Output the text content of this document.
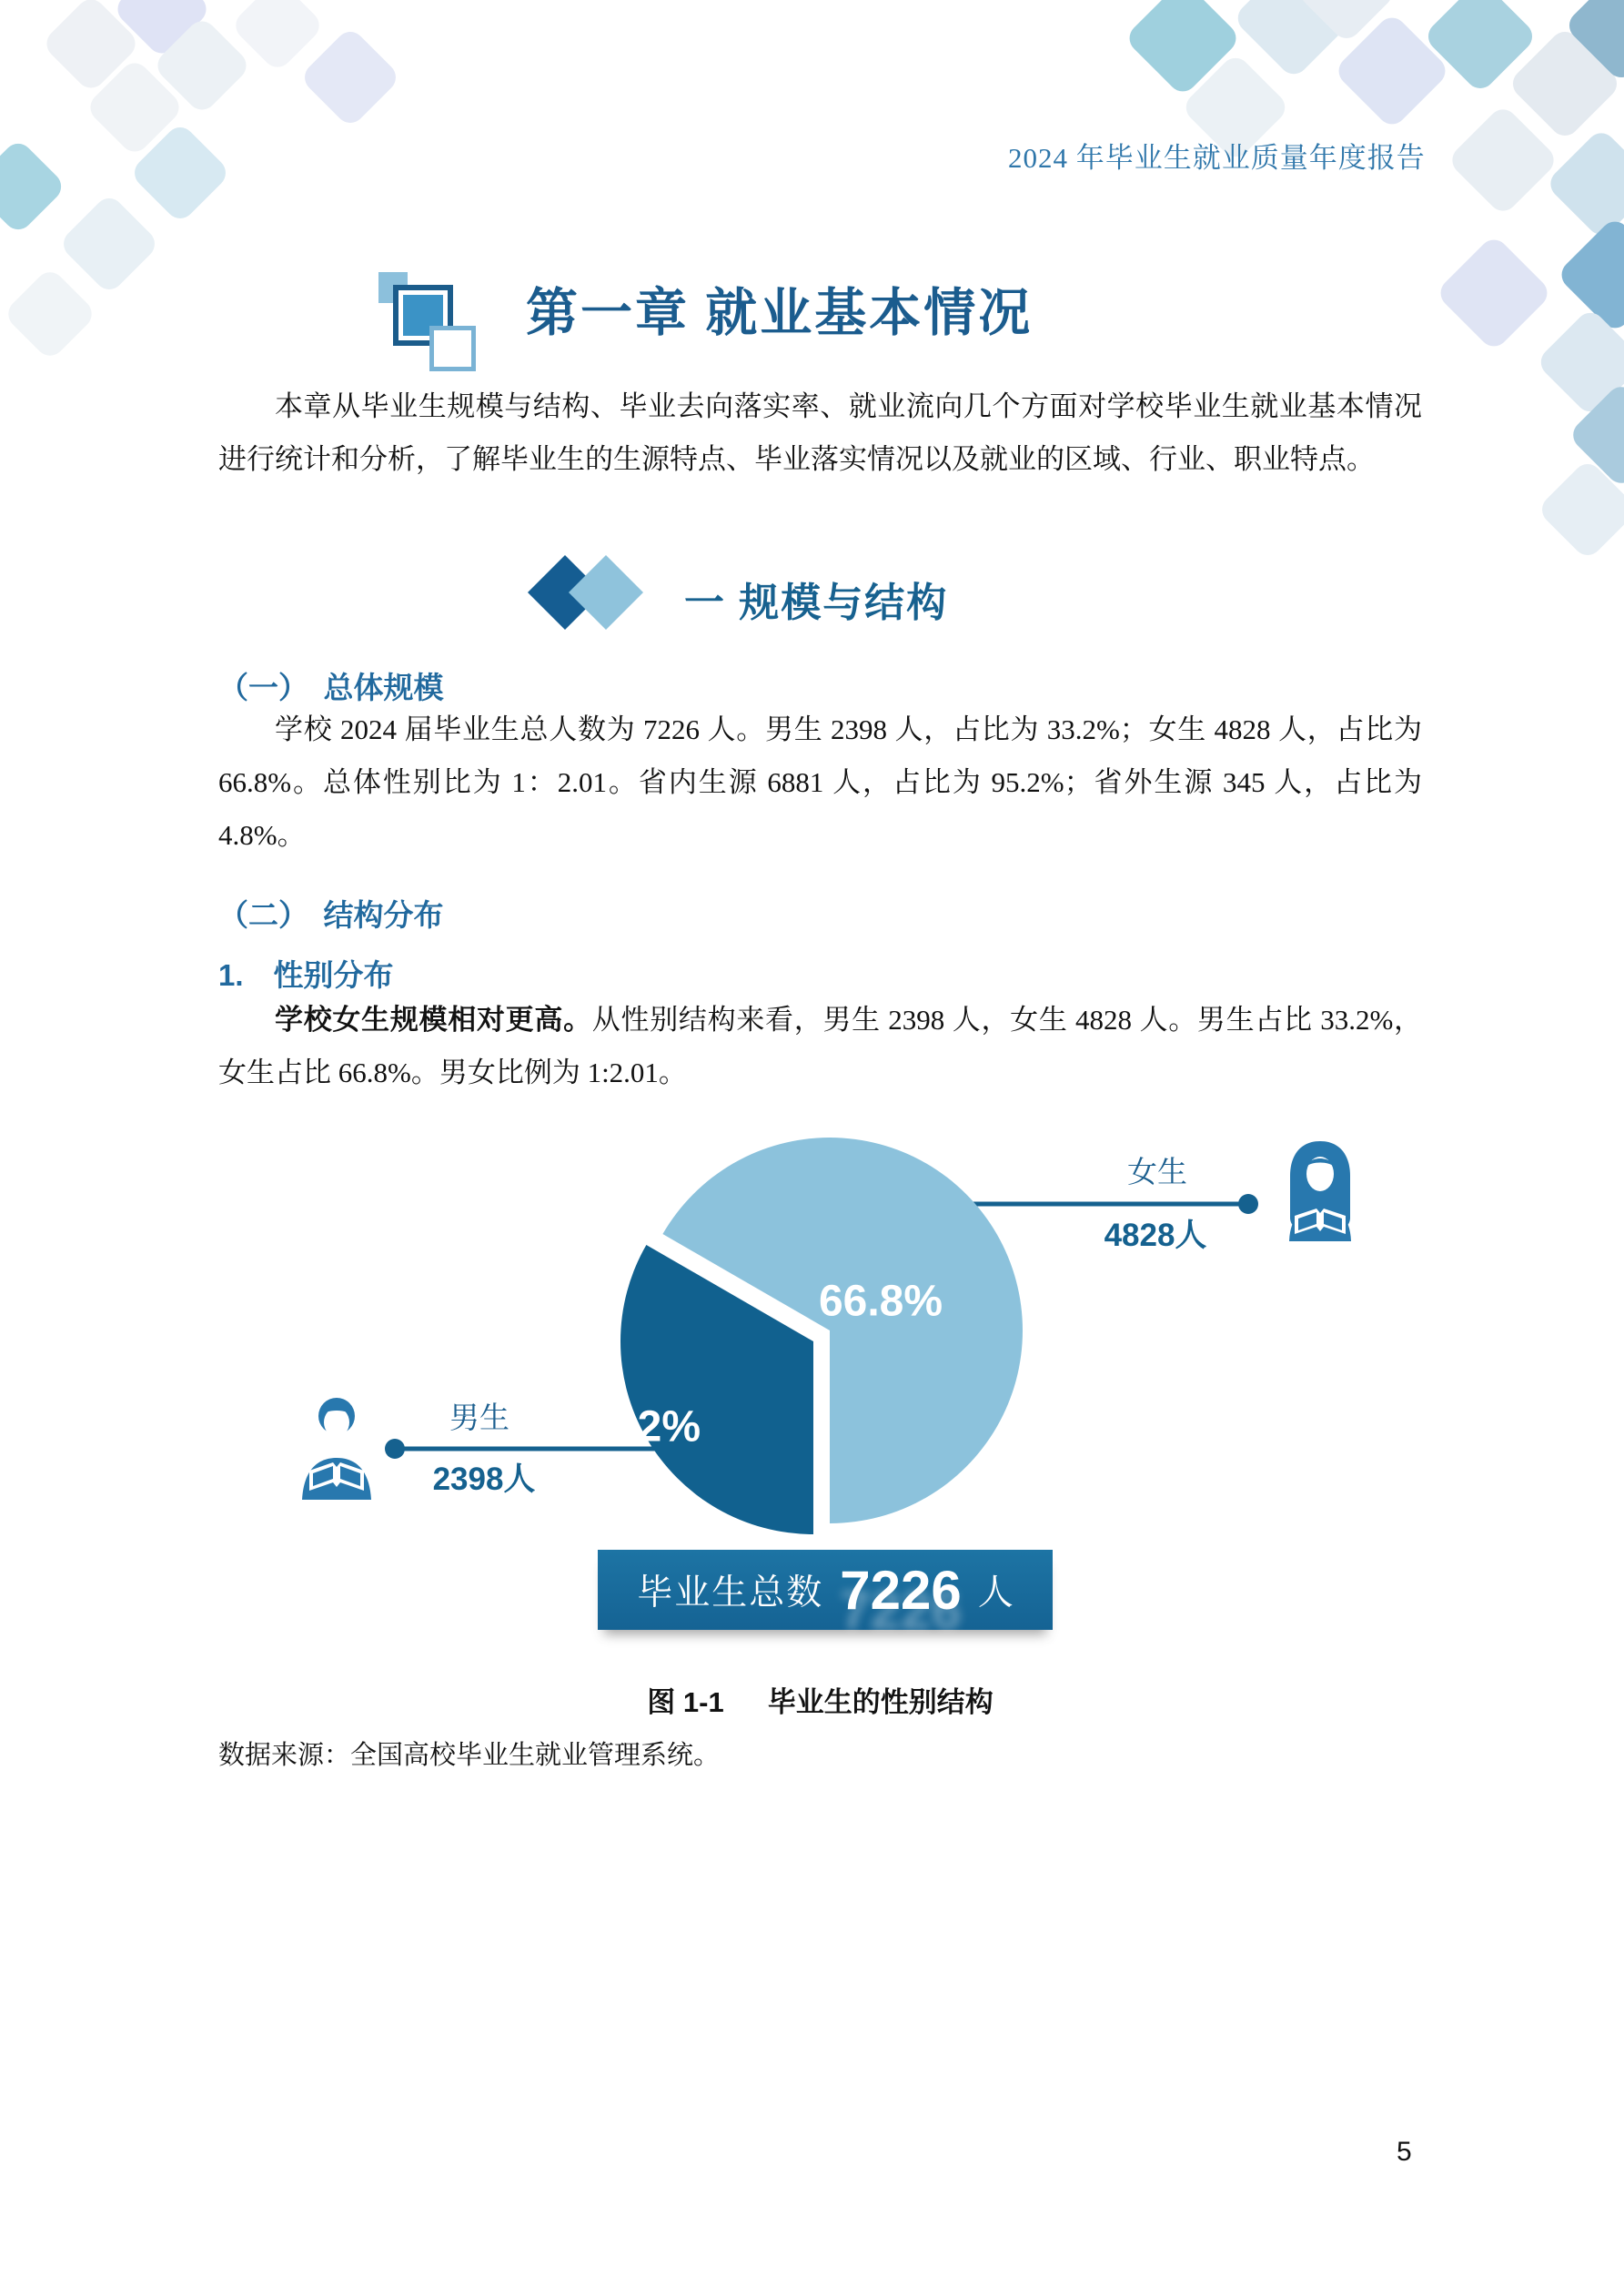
2024 年毕业生就业质量年度报告
第一章 就业基本情况

本章从毕业生规模与结构、毕业去向落实率、就业流向几个方面对学校毕业生就业基本情况进行统计和分析，了解毕业生的生源特点、毕业落实情况以及就业的区域、行业、职业特点。

一 规模与结构
（一）　总体规模

学校 2024 届毕业生总人数为 7226 人。男生 2398 人，占比为 33.2%；女生 4828 人，占比为 66.8%。总体性别比为 1：2.01。省内生源 6881 人，占比为 95.2%；省外生源 345 人，占比为 4.8%。

（二）　结构分布
1.　性别分布

学校女生规模相对更高。从性别结构来看，男生 2398 人，女生 4828 人。男生占比 33.2%，女生占比 66.8%。男女比例为 1:2.01。

66.8%
33.2%
女生
4828人
男生
2398人
毕业生总数 7226 人
图 1-1 毕业生的性别结构
数据来源：全国高校毕业生就业管理系统。
5
